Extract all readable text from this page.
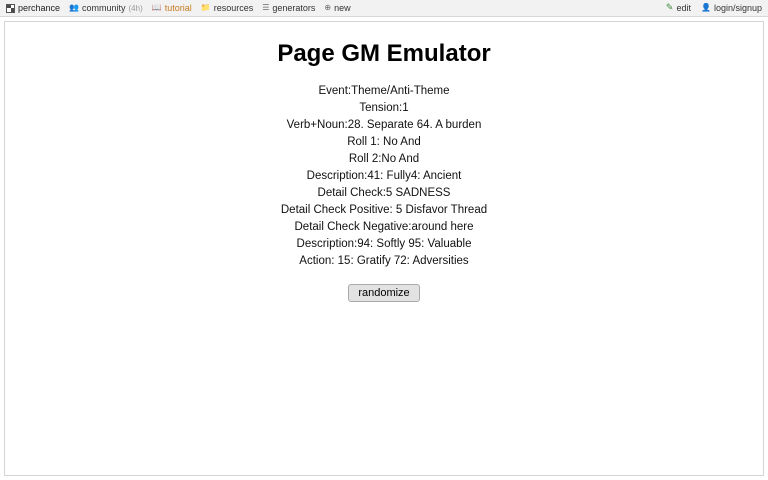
perchance 👥 community (4h) 📖 tutorial 📁 resources ☰ generators ⊕ new	✎ edit 👤 login/signup
Page GM Emulator
Event:Theme/Anti-Theme
Tension:1
Verb+Noun:28. Separate 64. A burden
Roll 1: No And
Roll 2:No And
Description:41: Fully4: Ancient
Detail Check:5 SADNESS
Detail Check Positive: 5 Disfavor Thread
Detail Check Negative:around here
Description:94: Softly 95: Valuable
Action: 15: Gratify 72: Adversities
randomize
